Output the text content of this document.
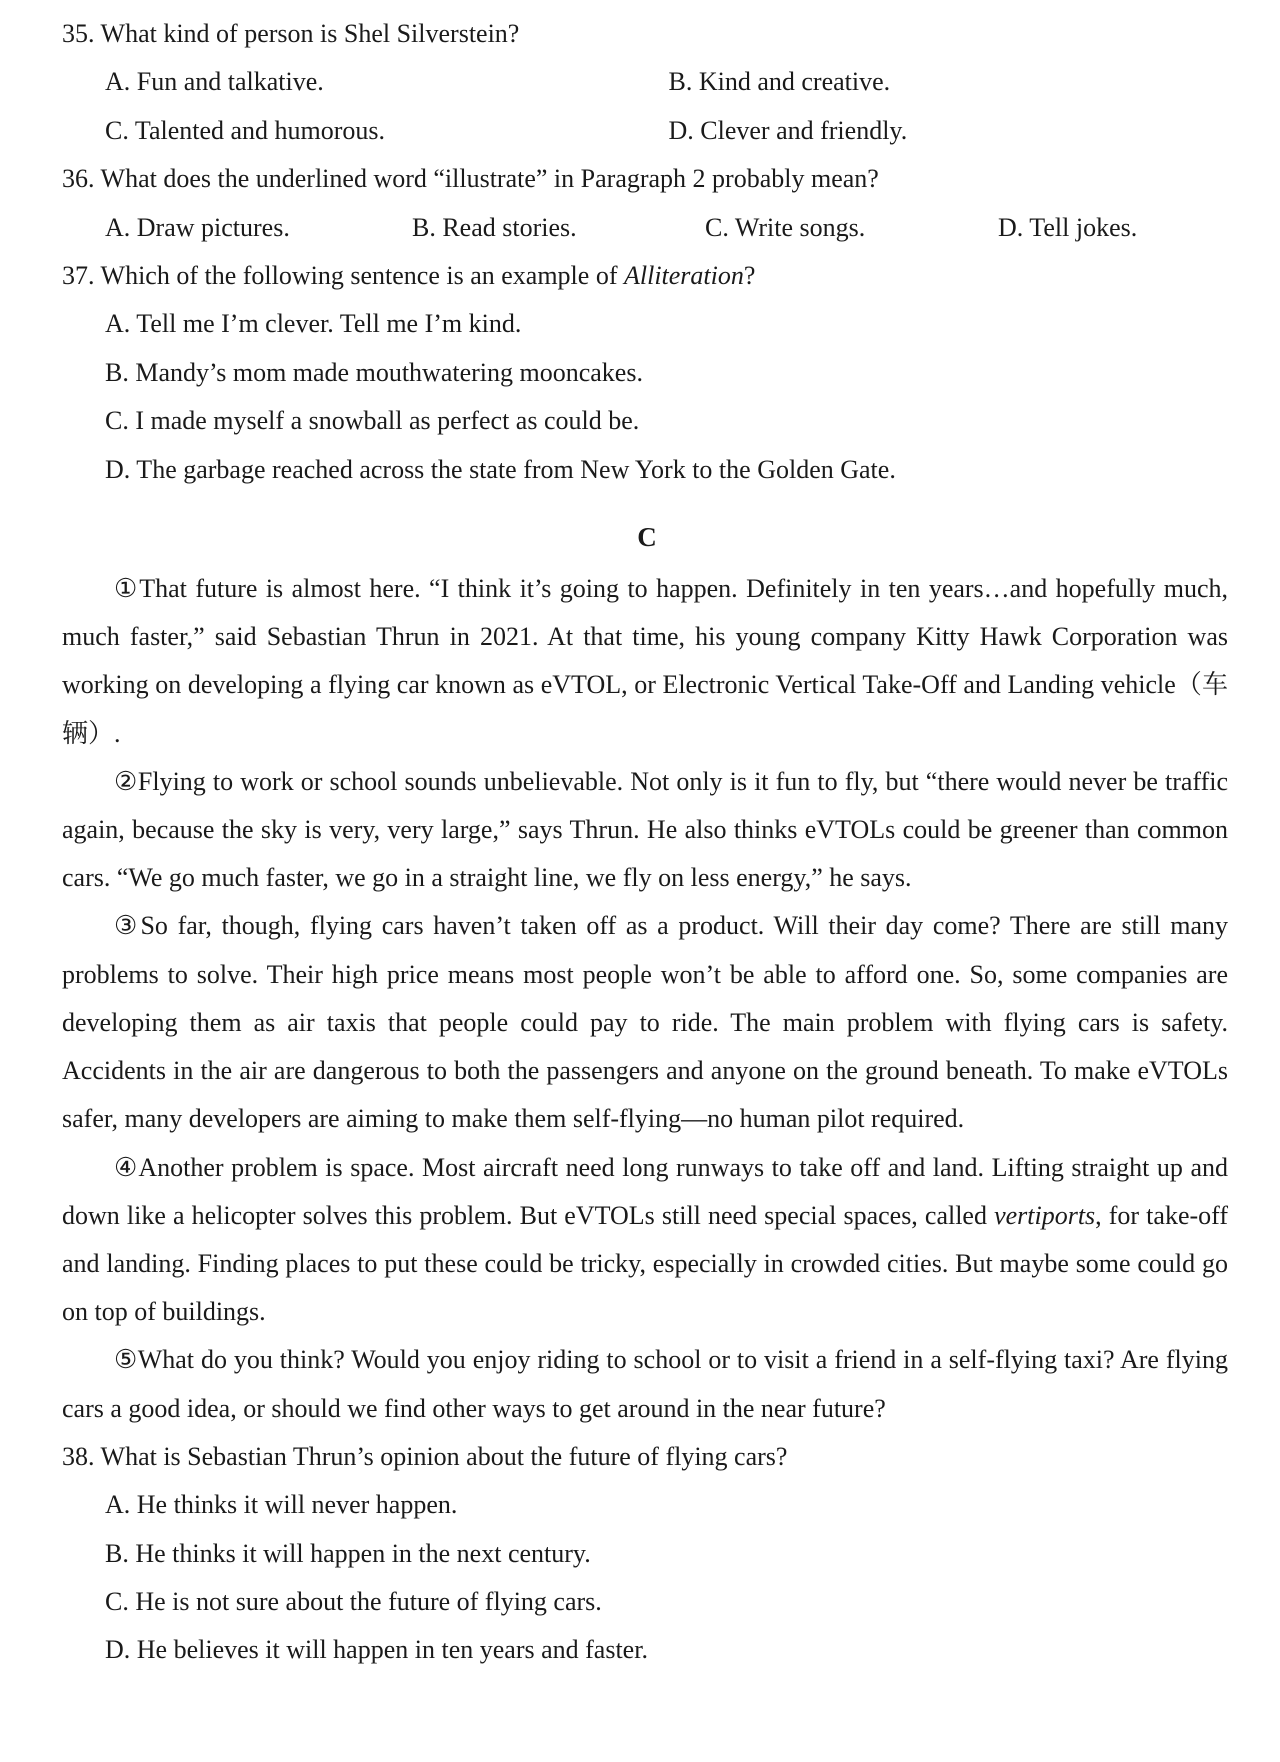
35. What kind of person is Shel Silverstein?
A. Fun and talkative.	B. Kind and creative.
C. Talented and humorous.	D. Clever and friendly.
36. What does the underlined word “illustrate” in Paragraph 2 probably mean?
A. Draw pictures.	B. Read stories.	C. Write songs.	D. Tell jokes.
37. Which of the following sentence is an example of Alliteration?
A. Tell me I’m clever. Tell me I’m kind.
B. Mandy’s mom made mouthwatering mooncakes.
C. I made myself a snowball as perfect as could be.
D. The garbage reached across the state from New York to the Golden Gate.
C

①That future is almost here. “I think it’s going to happen. Definitely in ten years…and hopefully much, much faster,” said Sebastian Thrun in 2021. At that time, his young company Kitty Hawk Corporation was working on developing a flying car known as eVTOL, or Electronic Vertical Take-Off and Landing vehicle（车辆）.

②Flying to work or school sounds unbelievable. Not only is it fun to fly, but “there would never be traffic again, because the sky is very, very large,” says Thrun. He also thinks eVTOLs could be greener than common cars. “We go much faster, we go in a straight line, we fly on less energy,” he says.

③So far, though, flying cars haven’t taken off as a product. Will their day come? There are still many problems to solve. Their high price means most people won’t be able to afford one. So, some companies are developing them as air taxis that people could pay to ride. The main problem with flying cars is safety. Accidents in the air are dangerous to both the passengers and anyone on the ground beneath. To make eVTOLs safer, many developers are aiming to make them self-flying—no human pilot required.

④Another problem is space. Most aircraft need long runways to take off and land. Lifting straight up and down like a helicopter solves this problem. But eVTOLs still need special spaces, called vertiports, for take-off and landing. Finding places to put these could be tricky, especially in crowded cities. But maybe some could go on top of buildings.

⑤What do you think? Would you enjoy riding to school or to visit a friend in a self-flying taxi? Are flying cars a good idea, or should we find other ways to get around in the near future?

38. What is Sebastian Thrun’s opinion about the future of flying cars?
A. He thinks it will never happen.
B. He thinks it will happen in the next century.
C. He is not sure about the future of flying cars.
D. He believes it will happen in ten years and faster.
